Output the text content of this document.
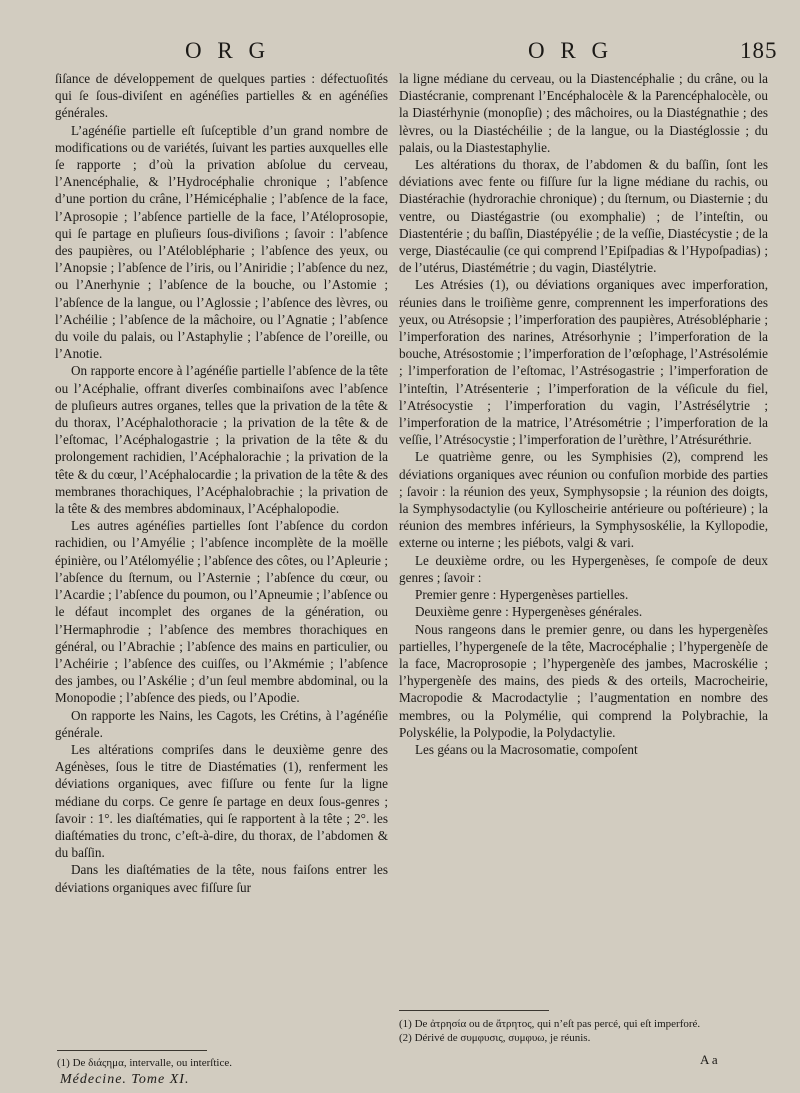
O R G	O R G	185

ſiſance de développement de quelques parties : défectuoſités qui ſe ſous-diviſent en agénéſies partielles & en agénéſies générales.

L’agénéſie partielle eſt ſuſceptible d’un grand nombre de modifications ou de variétés, ſuivant les parties auxquelles elle ſe rapporte ; d’où la privation abſolue du cerveau, l’Anencéphalie, & l’Hydrocéphalie chronique ; l’abſence d’une portion du crâne, l’Hémicéphalie ; l’abſence de la face, l’Aprosopie ; l’abſence partielle de la face, l’Atéloprosopie, qui ſe partage en pluſieurs ſous-diviſions ; ſavoir : l’abſence des paupières, ou l’Atéloblépharie ; l’abſence des yeux, ou l’Anopsie ; l’abſence de l’iris, ou l’Aniridie ; l’abſence du nez, ou l’Anerhynie ; l’abſence de la bouche, ou l’Astomie ; l’abſence de la langue, ou l’Aglossie ; l’abſence des lèvres, ou l’Achéilie ; l’abſence de la mâchoire, ou l’Agnatie ; l’abſence du voile du palais, ou l’Astaphylie ; l’abſence de l’oreille, ou l’Anotie.

On rapporte encore à l’agénéſie partielle l’abſence de la tête ou l’Acéphalie, offrant diverſes combinaiſons avec l’abſence de pluſieurs autres organes, telles que la privation de la tête & du thorax, l’Acéphalothoracie ; la privation de la tête & de l’eſtomac, l’Acéphalogastrie ; la privation de la tête & du prolongement rachidien, l’Acéphalorachie ; la privation de la tête & du cœur, l’Acéphalocardie ; la privation de la tête & des membranes thorachiques, l’Acéphalobrachie ; la privation de la tête & des membres abdominaux, l’Acéphalopodie.

Les autres agénéſies partielles ſont l’abſence du cordon rachidien, ou l’Amyélie ; l’abſence incomplète de la moëlle épinière, ou l’Atélomyélie ; l’abſence des côtes, ou l’Apleurie ; l’abſence du ſternum, ou l’Asternie ; l’abſence du cœur, ou l’Acardie ; l’abſence du poumon, ou l’Apneumie ; l’abſence ou le défaut incomplet des organes de la génération, ou l’Hermaphrodie ; l’abſence des membres thorachiques en général, ou l’Abrachie ; l’abſence des mains en particulier, ou l’Achéirie ; l’abſence des cuiſſes, ou l’Akmémie ; l’abſence des jambes, ou l’Askélie ; d’un ſeul membre abdominal, ou la Monopodie ; l’abſence des pieds, ou l’Apodie.

On rapporte les Nains, les Cagots, les Crétins, à l’agénéſie générale.

Les altérations compriſes dans le deuxième genre des Agénèses, ſous le titre de Diastématies (1), renferment les déviations organiques, avec fiſſure ou fente ſur la ligne médiane du corps. Ce genre ſe partage en deux ſous-genres ; ſavoir : 1°. les diaſtématies, qui ſe rapportent à la tête ; 2°. les diaſtématies du tronc, c’eſt-à-dire, du thorax, de l’abdomen & du baſſin.

Dans les diaſtématies de la tête, nous faiſons entrer les déviations organiques avec fiſſure ſur

la ligne médiane du cerveau, ou la Diastencéphalie ; du crâne, ou la Diastécranie, comprenant l’Encéphalocèle & la Parencéphalocèle, ou la Diastérhynie (monopſie) ; des mâchoires, ou la Diastégnathie ; des lèvres, ou la Diastéchéilie ; de la langue, ou la Diastéglossie ; du palais, ou la Diastestaphylie.

Les altérations du thorax, de l’abdomen & du baſſin, ſont les déviations avec fente ou fiſſure ſur la ligne médiane du rachis, ou Diastérachie (hydrorachie chronique) ; du ſternum, ou Diasternie ; du ventre, ou Diastégastrie (ou exomphalie) ; de l’inteſtin, ou Diastentérie ; du baſſin, Diastépyélie ; de la veſſie, Diastécystie ; de la verge, Diastécaulie (ce qui comprend l’Epiſpadias & l’Hypoſpadias) ; de l’utérus, Diastémétrie ; du vagin, Diastélytrie.

Les Atrésies (1), ou déviations organiques avec imperforation, réunies dans le troiſième genre, comprennent les imperforations des yeux, ou Atrésopsie ; l’imperforation des paupières, Atrésoblépharie ; l’imperforation des narines, Atrésorhynie ; l’imperforation de la bouche, Atrésostomie ; l’imperforation de l’œſophage, l’Astrésolémie ; l’imperforation de l’eſtomac, l’Astrésogastrie ; l’imperforation de l’inteſtin, l’Atrésenterie ; l’imperforation de la véſicule du fiel, l’Atrésocystie ; l’imperforation du vagin, l’Astrésélytrie ; l’imperforation de la matrice, l’Atrésométrie ; l’imperforation de la veſſie, l’Atrésocystie ; l’imperforation de l’urèthre, l’Atrésuréthrie.

Le quatrième genre, ou les Symphisies (2), comprend les déviations organiques avec réunion ou confuſion morbide des parties ; ſavoir : la réunion des yeux, Symphysopsie ; la réunion des doigts, la Symphysodactylie (ou Kylloscheirie antérieure ou poſtérieure) ; la réunion des membres inférieurs, la Symphysoskélie, la Kyllopodie, externe ou interne ; les piébots, valgi & vari.

Le deuxième ordre, ou les Hypergenèses, ſe compoſe de deux genres ; ſavoir :

Premier genre : Hypergenèses partielles.

Deuxième genre : Hypergenèses générales.

Nous rangeons dans le premier genre, ou dans les hypergenèſes partielles, l’hypergeneſe de la tête, Macrocéphalie ; l’hypergenèſe de la face, Macroprosopie ; l’hypergenèſe des jambes, Macroskélie ; l’hypergenèſe des mains, des pieds & des orteils, Macrocheirie, Macropodie & Macrodactylie ; l’augmentation en nombre des membres, ou la Polymélie, qui comprend la Polybrachie, la Polyskélie, la Polypodie, la Polydactylie.

Les géans ou la Macrosomatie, compoſent

(1) De διάςημα, intervalle, ou interſtice.
Médecine. Tome XI.

(1) De ἀτρησία ou de ἄτρητος, qui n’eſt pas percé, qui eſt imperforé.

(2) Dérivé de συμφυσις, συμφυω, je réunis.

A a
